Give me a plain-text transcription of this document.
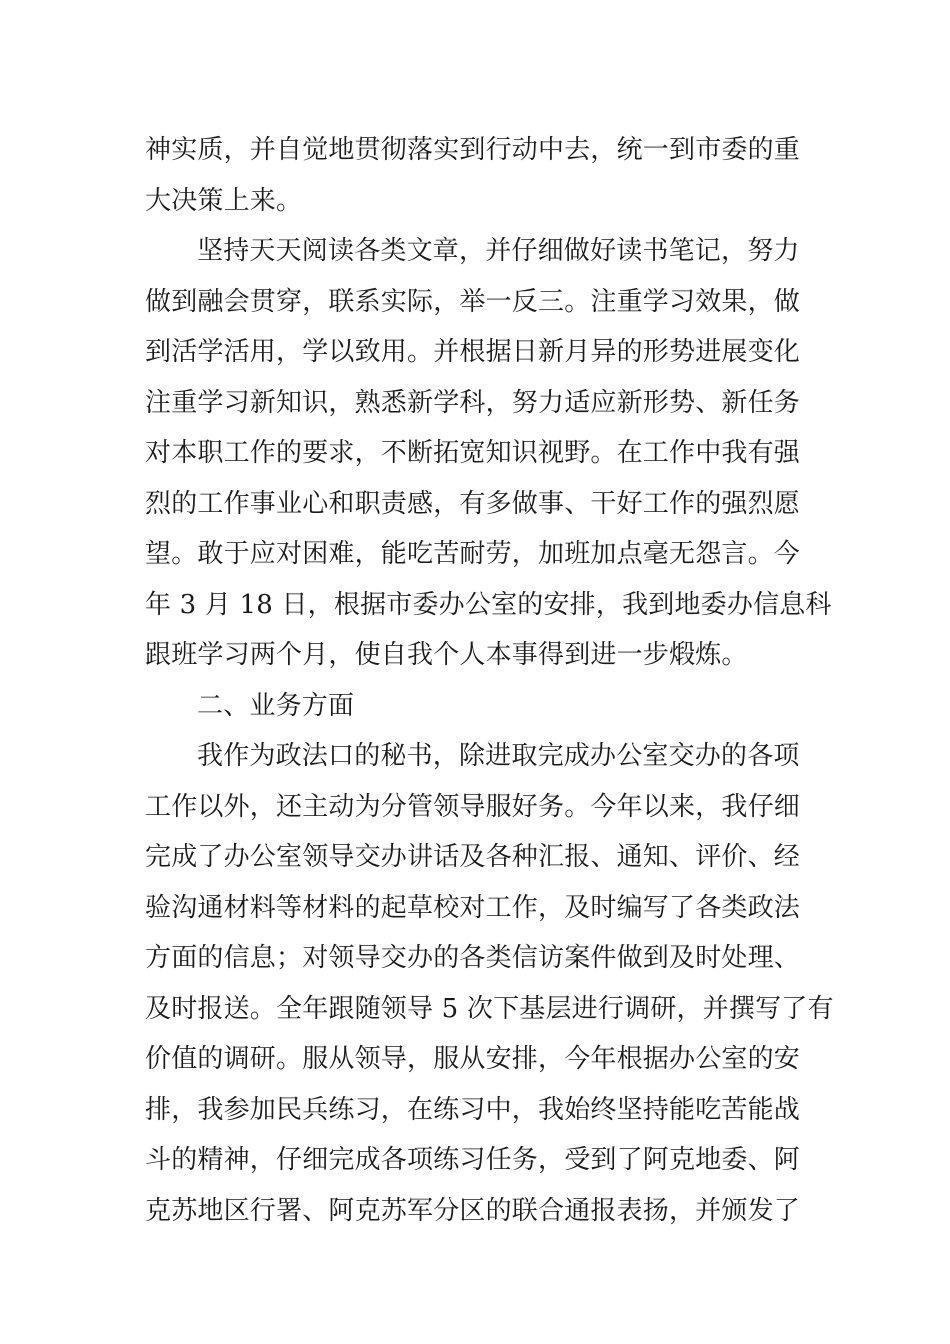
神实质，并自觉地贯彻落实到行动中去，统一到市委的重
大决策上来。
坚持天天阅读各类文章，并仔细做好读书笔记，努力
做到融会贯穿，联系实际，举一反三。注重学习效果，做
到活学活用，学以致用。并根据日新月异的形势进展变化
注重学习新知识，熟悉新学科，努力适应新形势、新任务
对本职工作的要求，不断拓宽知识视野。在工作中我有强
烈的工作事业心和职责感，有多做事、干好工作的强烈愿
望。敢于应对困难，能吃苦耐劳，加班加点毫无怨言。今
年 3 月 18 日，根据市委办公室的安排，我到地委办信息科
跟班学习两个月，使自我个人本事得到进一步煅炼。
二、业务方面
我作为政法口的秘书，除进取完成办公室交办的各项
工作以外，还主动为分管领导服好务。今年以来，我仔细
完成了办公室领导交办讲话及各种汇报、通知、评价、经
验沟通材料等材料的起草校对工作，及时编写了各类政法
方面的信息；对领导交办的各类信访案件做到及时处理、
及时报送。全年跟随领导 5 次下基层进行调研，并撰写了有
价值的调研。服从领导，服从安排，今年根据办公室的安
排，我参加民兵练习，在练习中，我始终坚持能吃苦能战
斗的精神，仔细完成各项练习任务，受到了阿克地委、阿
克苏地区行署、阿克苏军分区的联合通报表扬，并颁发了
